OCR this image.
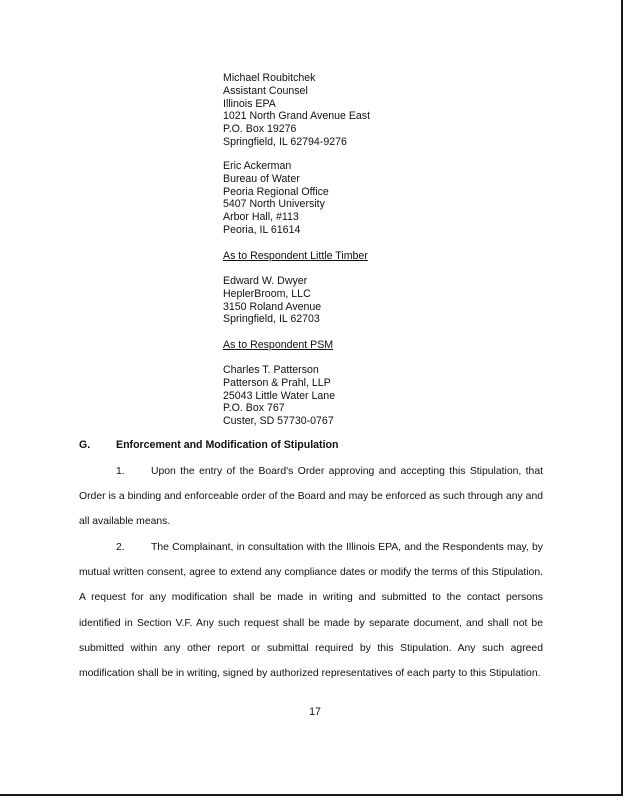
Michael Roubitchek
Assistant Counsel
Illinois EPA
1021 North Grand Avenue East
P.O. Box 19276
Springfield, IL 62794-9276
Eric Ackerman
Bureau of Water
Peoria Regional Office
5407 North University
Arbor Hall, #113
Peoria, IL 61614
As to Respondent Little Timber
Edward W. Dwyer
HeplerBroom, LLC
3150 Roland Avenue
Springfield, IL 62703
As to Respondent PSM
Charles T. Patterson
Patterson & Prahl, LLP
25043 Little Water Lane
P.O. Box 767
Custer, SD 57730-0767
G. Enforcement and Modification of Stipulation
1.	Upon the entry of the Board's Order approving and accepting this Stipulation, that Order is a binding and enforceable order of the Board and may be enforced as such through any and all available means.
2.	The Complainant, in consultation with the Illinois EPA, and the Respondents may, by mutual written consent, agree to extend any compliance dates or modify the terms of this Stipulation. A request for any modification shall be made in writing and submitted to the contact persons identified in Section V.F. Any such request shall be made by separate document, and shall not be submitted within any other report or submittal required by this Stipulation. Any such agreed modification shall be in writing, signed by authorized representatives of each party to this Stipulation.
17
